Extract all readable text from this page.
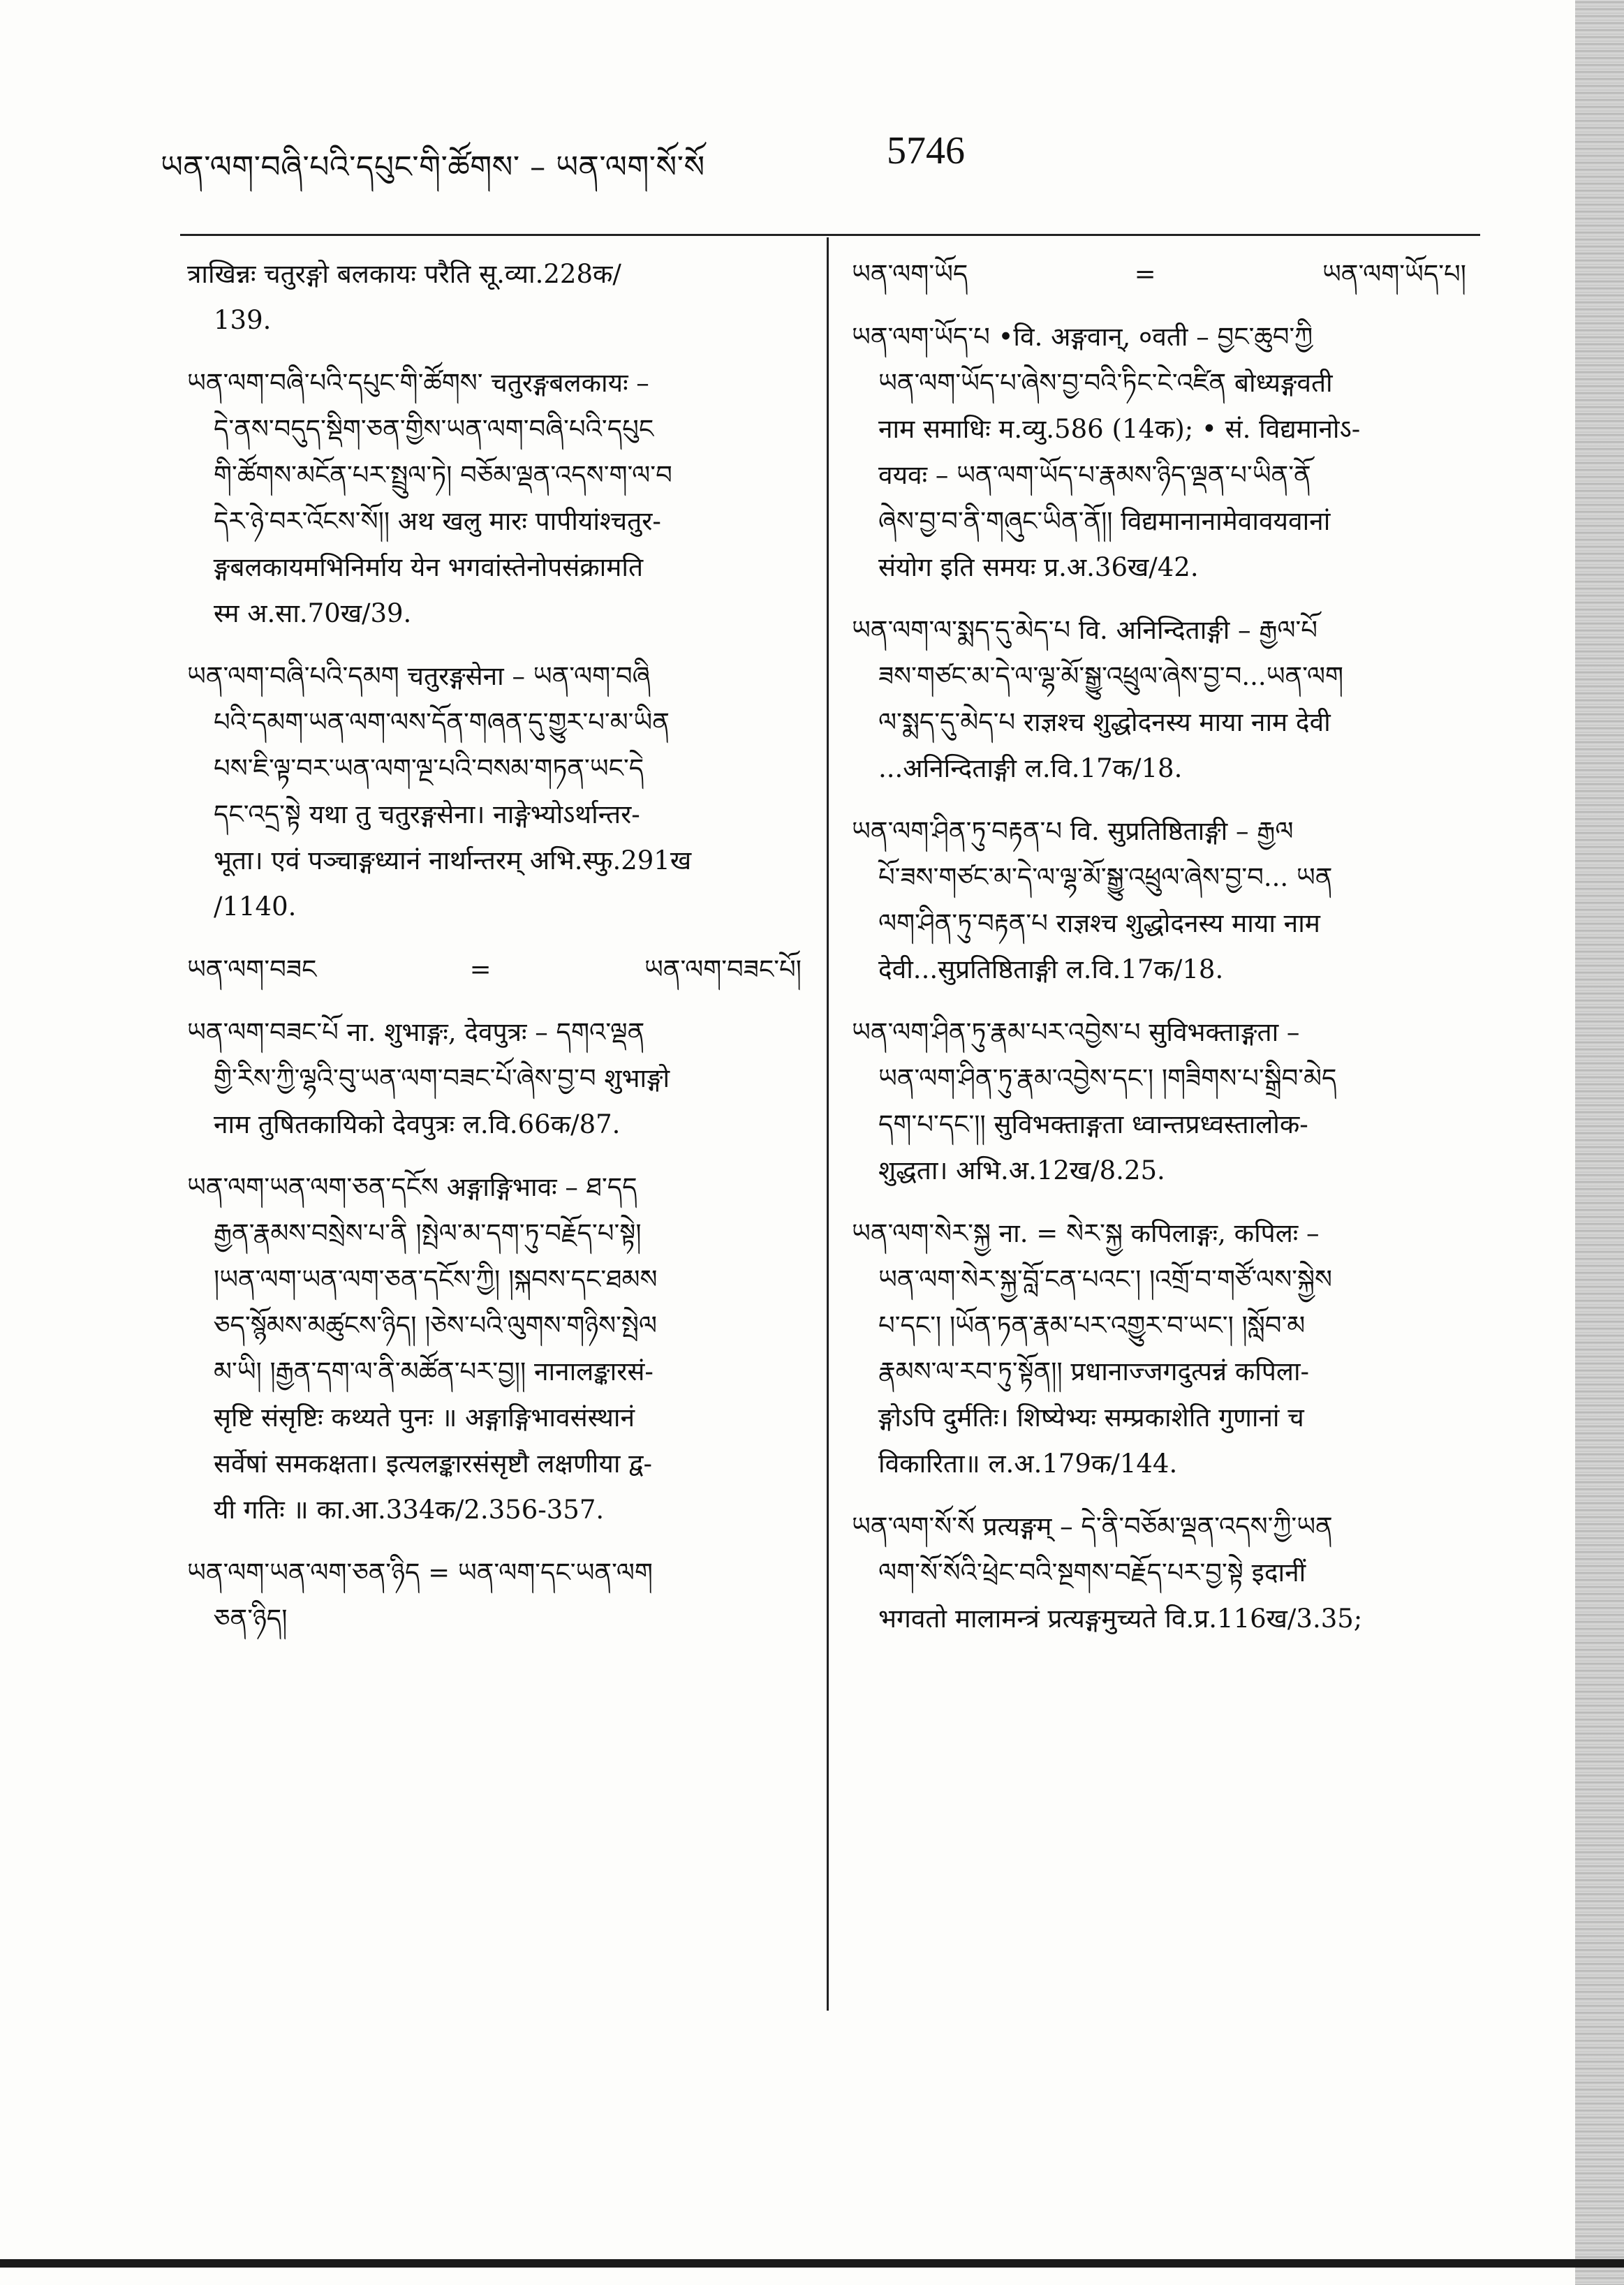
ཡན་ལག་བཞི་པའི་དཔུང་གི་ཚོགས་ – ཡན་ལག་སོ་སོ	5746

त्राखिन्नः चतुरङ्गो बलकायः परैति सू.व्या.228क/

139.

ཡན་ལག་བཞི་པའི་དཔུང་གི་ཚོགས་ चतुरङ्गबलकायः –

དེ་ནས་བདུད་སྡིག་ཅན་གྱིས་ཡན་ལག་བཞི་པའི་དཔུང

གི་ཚོགས་མངོན་པར་སྤྲུལ་ཏེ། བཅོམ་ལྡན་འདས་ག་ལ་བ

དེར་ཉེ་བར་འོངས་སོ།། अथ खलु मारः पापीयांश्चतुर-

ङ्गबलकायमभिनिर्माय येन भगवांस्तेनोपसंक्रामति

स्म अ.सा.70ख/39.

ཡན་ལག་བཞི་པའི་དམག चतुरङ्गसेना – ཡན་ལག་བཞི

པའི་དམག་ཡན་ལག་ལས་དོན་གཞན་དུ་གྱུར་པ་མ་ཡིན

པས་ཇི་ལྟ་བར་ཡན་ལག་ལྔ་པའི་བསམ་གཏན་ཡང་དེ

དང་འདྲ་སྟེ यथा तु चतुरङ्गसेना। नाङ्गेभ्योऽर्थान्तर-

भूता। एवं पञ्चाङ्गध्यानं नार्थान्तरम् अभि.स्फु.291ख

/1140.

ཡན་ལག་བཟང	=	ཡན་ལག་བཟང་པོ།

ཡན་ལག་བཟང་པོ ना. शुभाङ्गः, देवपुत्रः – དགའ་ལྡན

གྱི་རིས་ཀྱི་ལྷའི་བུ་ཡན་ལག་བཟང་པོ་ཞེས་བྱ་བ शुभाङ्गो

नाम तुषितकायिको देवपुत्रः ल.वि.66क/87.

ཡན་ལག་ཡན་ལག་ཅན་དངོས अङ्गाङ्गिभावः – ཐ་དད

རྒྱན་རྣམས་བསྲེས་པ་ནི །སྤེལ་མ་དག་ཏུ་བརྗོད་པ་སྟེ།

།ཡན་ལག་ཡན་ལག་ཅན་དངོས་ཀྱི། །སྐབས་དང་ཐམས

ཅད་སྙོམས་མཚུངས་ཉིད། །ཅེས་པའི་ལུགས་གཉིས་སྤེལ

མ་ཡི། །རྒྱན་དག་ལ་ནི་མཚོན་པར་བྱ།། नानालङ्कारसं-

सृष्टि संसृष्टिः कथ्यते पुनः ॥ अङ्गाङ्गिभावसंस्थानं

सर्वेषां समकक्षता। इत्यलङ्कारसंसृष्टौ लक्षणीया द्व-

यी गतिः ॥ का.आ.334क/2.356-357.

ཡན་ལག་ཡན་ལག་ཅན་ཉིད = ཡན་ལག་དང་ཡན་ལག

ཅན་ཉིད།

ཡན་ལག་ཡོད	=	ཡན་ལག་ཡོད་པ།

ཡན་ལག་ཡོད་པ •वि. अङ्गवान्, ०वती – བྱང་ཆུབ་ཀྱི

ཡན་ལག་ཡོད་པ་ཞེས་བྱ་བའི་ཏིང་ངེ་འཛིན बोध्यङ्गवती

नाम समाधिः म.व्यु.586 (14क); • सं. विद्यमानोऽ-

वयवः – ཡན་ལག་ཡོད་པ་རྣམས་ཉིད་ལྡན་པ་ཡིན་ནོ

ཞེས་བྱ་བ་ནི་གཞུང་ཡིན་ནོ།། विद्यमानानामेवावयवानां

संयोग इति समयः प्र.अ.36ख/42.

ཡན་ལག་ལ་སྨད་དུ་མེད་པ वि. अनिन्दिताङ्गी – རྒྱལ་པོ

ཟས་གཙང་མ་དེ་ལ་ལྷ་མོ་སྒྱུ་འཕྲུལ་ཞེས་བྱ་བ...ཡན་ལག

ལ་སྨད་དུ་མེད་པ राज्ञश्च शुद्धोदनस्य माया नाम देवी

...अनिन्दिताङ्गी ल.वि.17क/18.

ཡན་ལག་ཤིན་ཏུ་བརྟན་པ वि. सुप्रतिष्ठिताङ्गी – རྒྱལ

པོ་ཟས་གཙང་མ་དེ་ལ་ལྷ་མོ་སྒྱུ་འཕྲུལ་ཞེས་བྱ་བ... ཡན

ལག་ཤིན་ཏུ་བརྟན་པ राज्ञश्च शुद्धोदनस्य माया नाम

देवी...सुप्रतिष्ठिताङ्गी ल.वि.17क/18.

ཡན་ལག་ཤིན་ཏུ་རྣམ་པར་འབྱེས་པ सुविभक्ताङ्गता –

ཡན་ལག་ཤིན་ཏུ་རྣམ་འབྱེས་དང་། །གཟིགས་པ་སྒྲིབ་མེད

དག་པ་དང་།། सुविभक्ताङ्गता ध्वान्तप्रध्वस्तालोक-

शुद्धता। अभि.अ.12ख/8.25.

ཡན་ལག་སེར་སྐྱ ना. = སེར་སྐྱ कपिलाङ्गः, कपिलः –

ཡན་ལག་སེར་སྐྱ་བློ་ངན་པའང་། །འགྲོ་བ་གཙོ་ལས་སྐྱེས

པ་དང་། །ཡོན་ཏན་རྣམ་པར་འགྱུར་བ་ཡང་། །སློབ་མ

རྣམས་ལ་རབ་ཏུ་སྟོན།། प्रधानाज्जगदुत्पन्नं कपिला-

ङ्गोऽपि दुर्मतिः। शिष्येभ्यः सम्प्रकाशेति गुणानां च

विकारिता॥ ल.अ.179क/144.

ཡན་ལག་སོ་སོ प्रत्यङ्गम् – དེ་ནི་བཅོམ་ལྡན་འདས་ཀྱི་ཡན

ལག་སོ་སོའི་ཕྲེང་བའི་སྔགས་བརྗོད་པར་བྱ་སྟེ इदानीं

भगवतो मालामन्त्रं प्रत्यङ्गमुच्यते वि.प्र.116ख/3.35;
